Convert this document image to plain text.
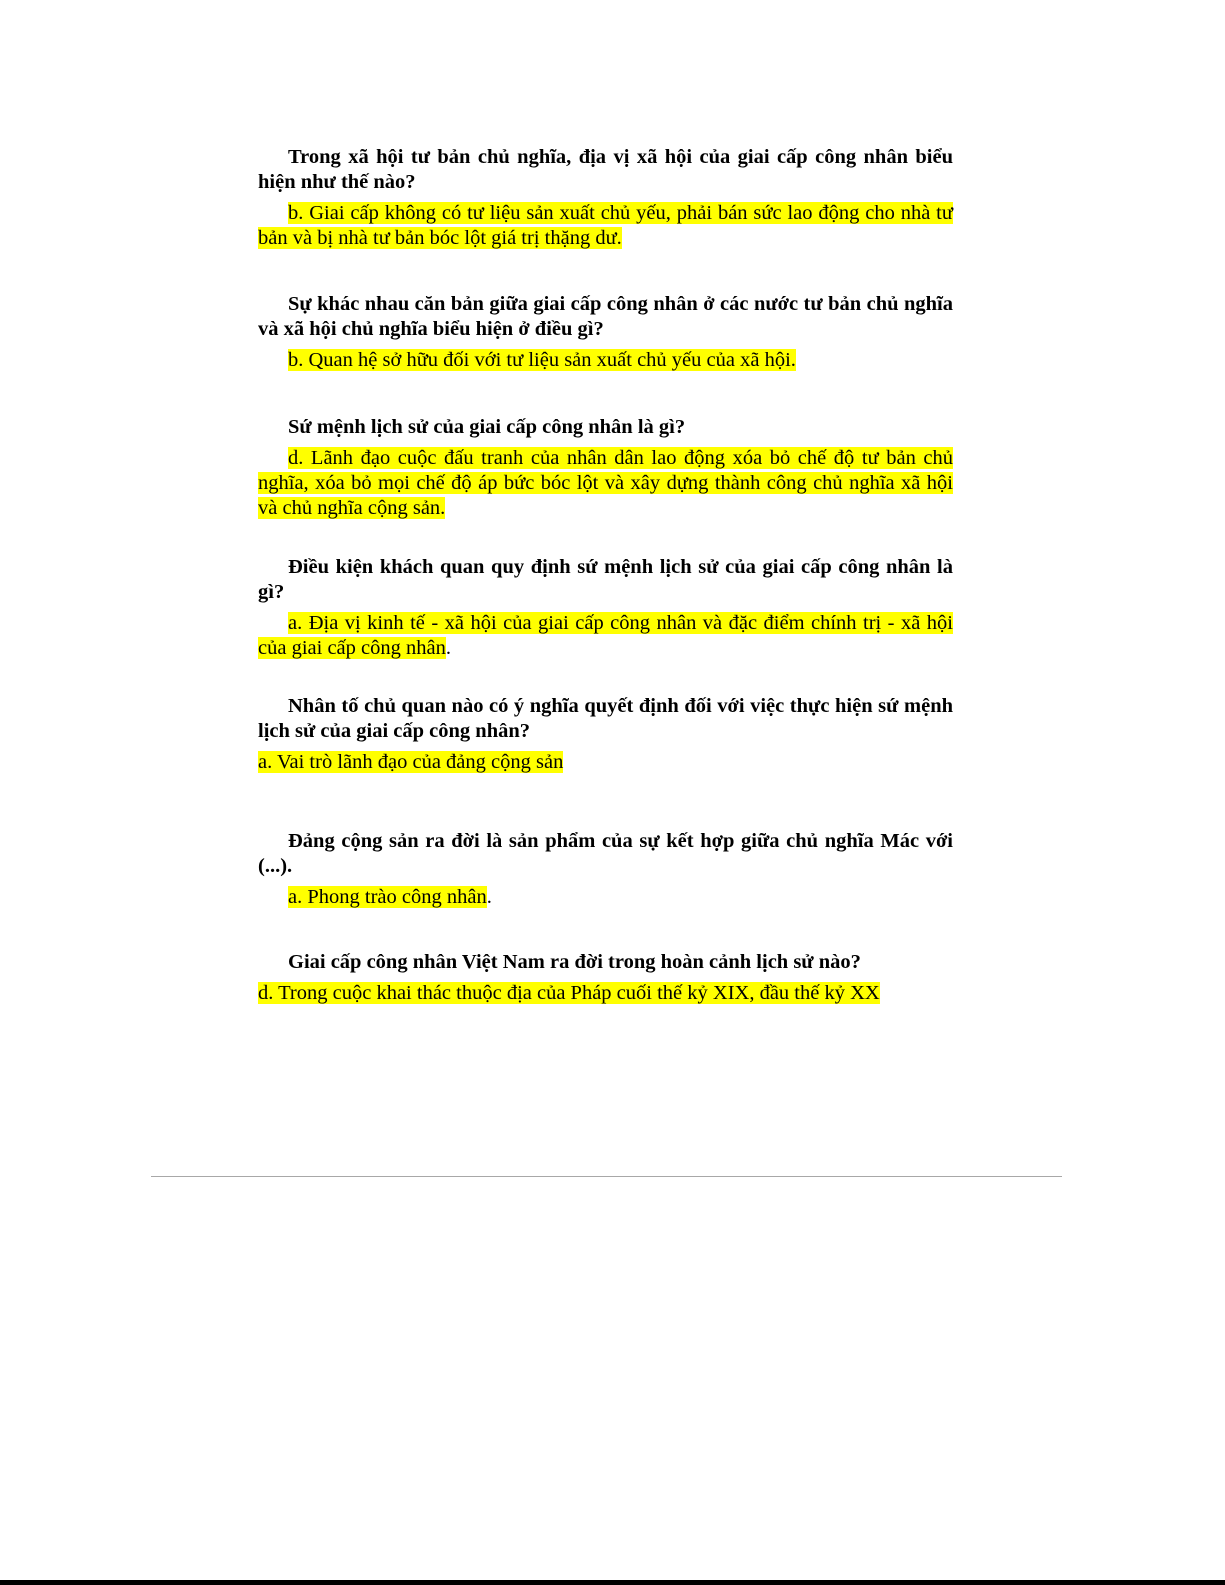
Trong xã hội tư bản chủ nghĩa, địa vị xã hội của giai cấp công nhân biểu hiện như thế nào?

b. Giai cấp không có tư liệu sản xuất chủ yếu, phải bán sức lao động cho nhà tư bản và bị nhà tư bản bóc lột giá trị thặng dư.

Sự khác nhau căn bản giữa giai cấp công nhân ở các nước tư bản chủ nghĩa và xã hội chủ nghĩa biểu hiện ở điều gì?

b. Quan hệ sở hữu đối với tư liệu sản xuất chủ yếu của xã hội.

Sứ mệnh lịch sử của giai cấp công nhân là gì?

d. Lãnh đạo cuộc đấu tranh của nhân dân lao động xóa bỏ chế độ tư bản chủ nghĩa, xóa bỏ mọi chế độ áp bức bóc lột và xây dựng thành công chủ nghĩa xã hội và chủ nghĩa cộng sản.

Điều kiện khách quan quy định sứ mệnh lịch sử của giai cấp công nhân là gì?

a. Địa vị kinh tế - xã hội của giai cấp công nhân và đặc điểm chính trị - xã hội của giai cấp công nhân.

Nhân tố chủ quan nào có ý nghĩa quyết định đối với việc thực hiện sứ mệnh lịch sử của giai cấp công nhân?

a. Vai trò lãnh đạo của đảng cộng sản

Đảng cộng sản ra đời là sản phẩm của sự kết hợp giữa chủ nghĩa Mác với (...).

a. Phong trào công nhân.

Giai cấp công nhân Việt Nam ra đời trong hoàn cảnh lịch sử nào?

d. Trong cuộc khai thác thuộc địa của Pháp cuối thế kỷ XIX, đầu thế kỷ XX
